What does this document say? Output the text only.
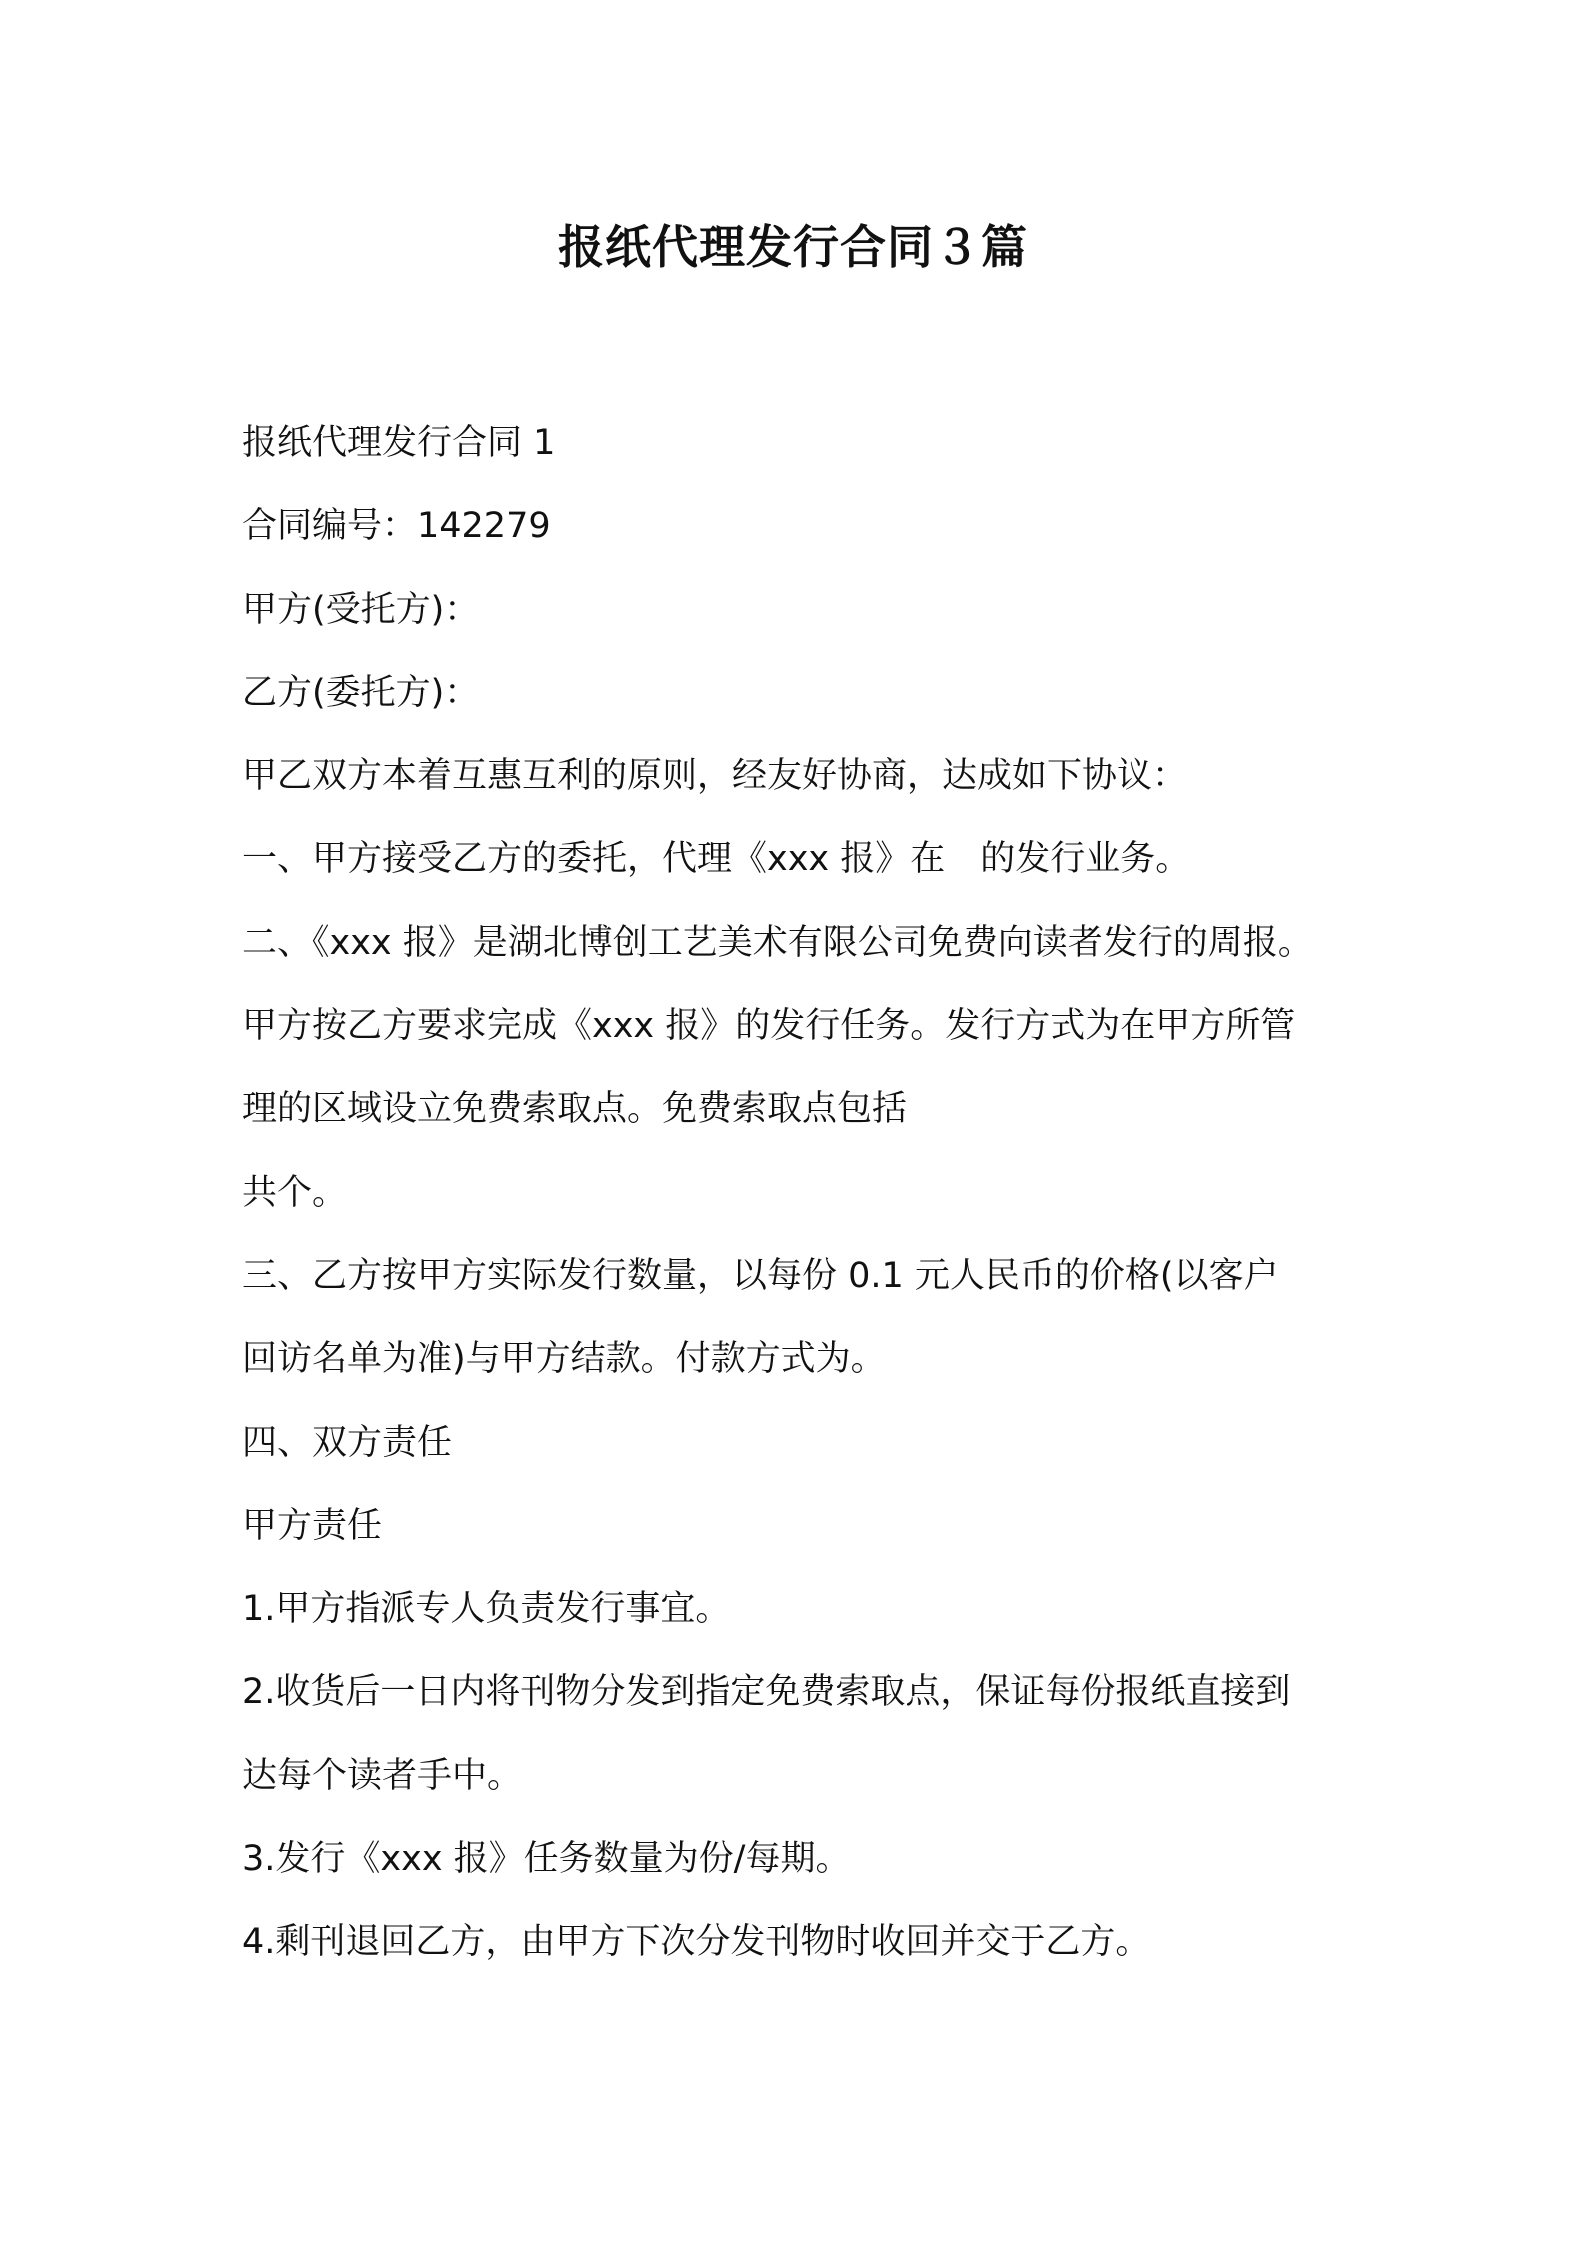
报纸代理发行合同３篇

报纸代理发行合同 1

合同编号：142279

甲方(受托方)：

乙方(委托方)：

甲乙双方本着互惠互利的原则，经友好协商，达成如下协议：

一、甲方接受乙方的委托，代理《xxx 报》在　的发行业务。

二、《xxx 报》是湖北博创工艺美术有限公司免费向读者发行的周报。

甲方按乙方要求完成《xxx 报》的发行任务。发行方式为在甲方所管

理的区域设立免费索取点。免费索取点包括

共个。

三、乙方按甲方实际发行数量，以每份 0.1 元人民币的价格(以客户

回访名单为准)与甲方结款。付款方式为。

四、双方责任

甲方责任

1.甲方指派专人负责发行事宜。

2.收货后一日内将刊物分发到指定免费索取点，保证每份报纸直接到

达每个读者手中。

3.发行《xxx 报》任务数量为份/每期。

4.剩刊退回乙方，由甲方下次分发刊物时收回并交于乙方。
